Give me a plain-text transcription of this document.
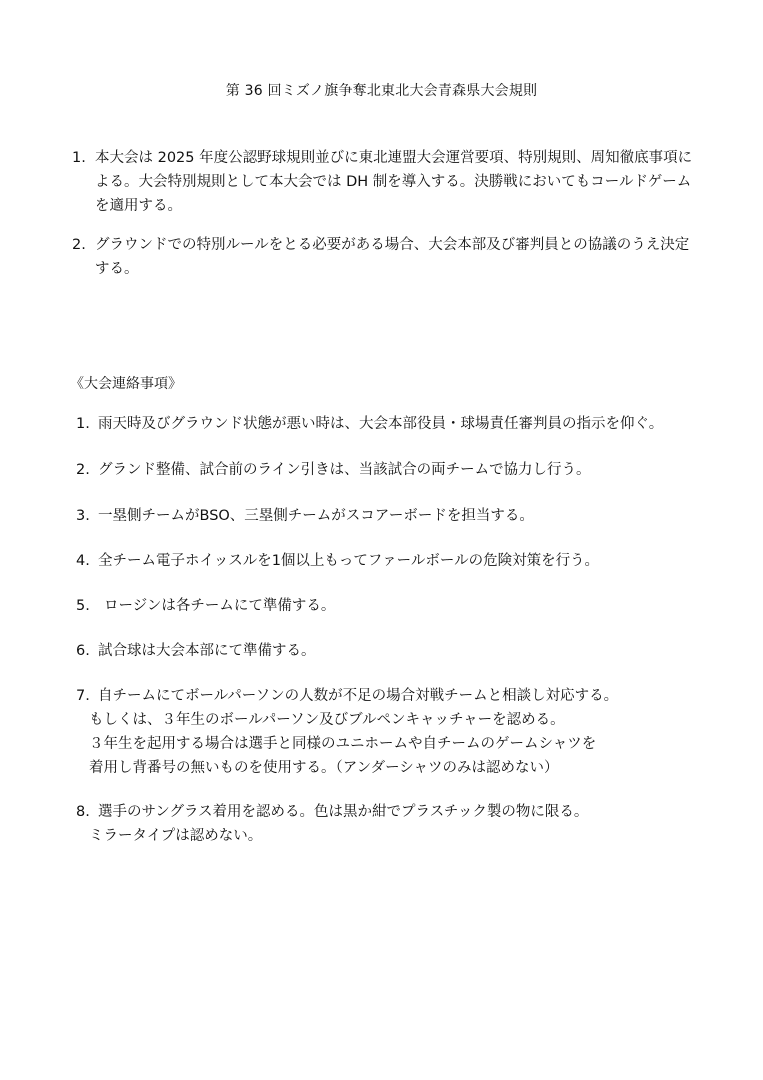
第 36 回ミズノ旗争奪北東北大会青森県大会規則
1. 本大会は 2025 年度公認野球規則並びに東北連盟大会運営要項、特別規則、周知徹底事項に
よる。大会特別規則として本大会では DH 制を導入する。決勝戦においてもコールドゲーム
を適用する。
2. グラウンドでの特別ルールをとる必要がある場合、大会本部及び審判員との協議のうえ決定
する。
《大会連絡事項》
1. 雨天時及びグラウンド状態が悪い時は、大会本部役員・球場責任審判員の指示を仰ぐ。
2. グランド整備、試合前のライン引きは、当該試合の両チームで協力し行う。
3. 一塁側チームがBSO、三塁側チームがスコアーボードを担当する。
4. 全チーム電子ホイッスルを1個以上もってファールボールの危険対策を行う。
5. ロージンは各チームにて準備する。
6. 試合球は大会本部にて準備する。
7. 自チームにてボールパーソンの人数が不足の場合対戦チームと相談し対応する。
もしくは、３年生のボールパーソン及びブルペンキャッチャーを認める。
３年生を起用する場合は選手と同様のユニホームや自チームのゲームシャツを
着用し背番号の無いものを使用する。（アンダーシャツのみは認めない）
8. 選手のサングラス着用を認める。色は黒か紺でプラスチック製の物に限る。
ミラータイプは認めない。
